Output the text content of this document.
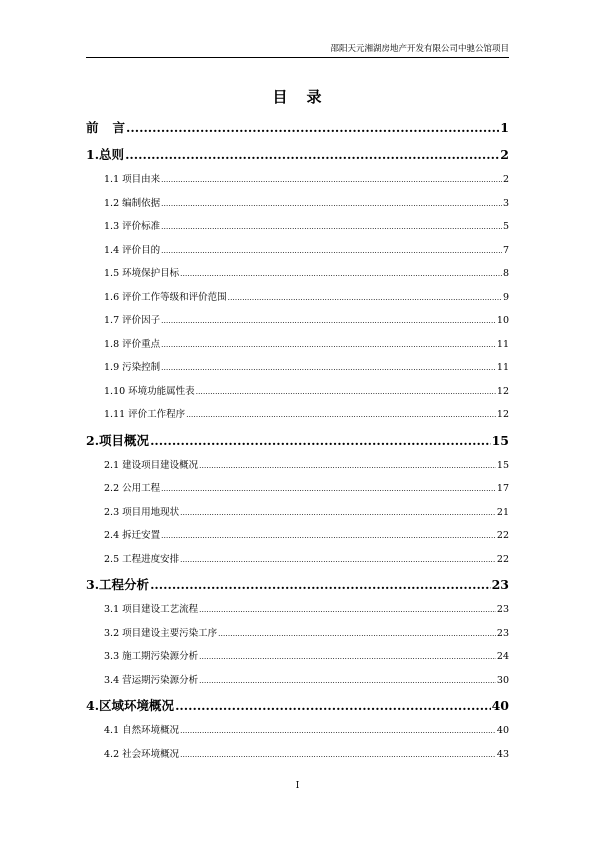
邵阳天元湘湖房地产开发有限公司中驰公馆项目
目 录
前 言 .....	1
1.总则 .....	2
1.1 项目由来 .....	2
1.2 编制依据 .....	3
1.3 评价标准 .....	5
1.4 评价目的 .....	7
1.5 环境保护目标 .....	8
1.6 评价工作等级和评价范围 .....	9
1.7 评价因子 .....	10
1.8 评价重点 .....	11
1.9 污染控制 .....	11
1.10 环境功能属性表 .....	12
1.11 评价工作程序 .....	12
2.项目概况 .....	15
2.1 建设项目建设概况 .....	15
2.2 公用工程 .....	17
2.3 项目用地现状 .....	21
2.4 拆迁安置 .....	22
2.5 工程进度安排 .....	22
3.工程分析 .....	23
3.1 项目建设工艺流程 .....	23
3.2 项目建设主要污染工序 .....	23
3.3 施工期污染源分析 .....	24
3.4 营运期污染源分析 .....	30
4.区域环境概况 .....	40
4.1 自然环境概况 .....	40
4.2 社会环境概况 .....	43
I
